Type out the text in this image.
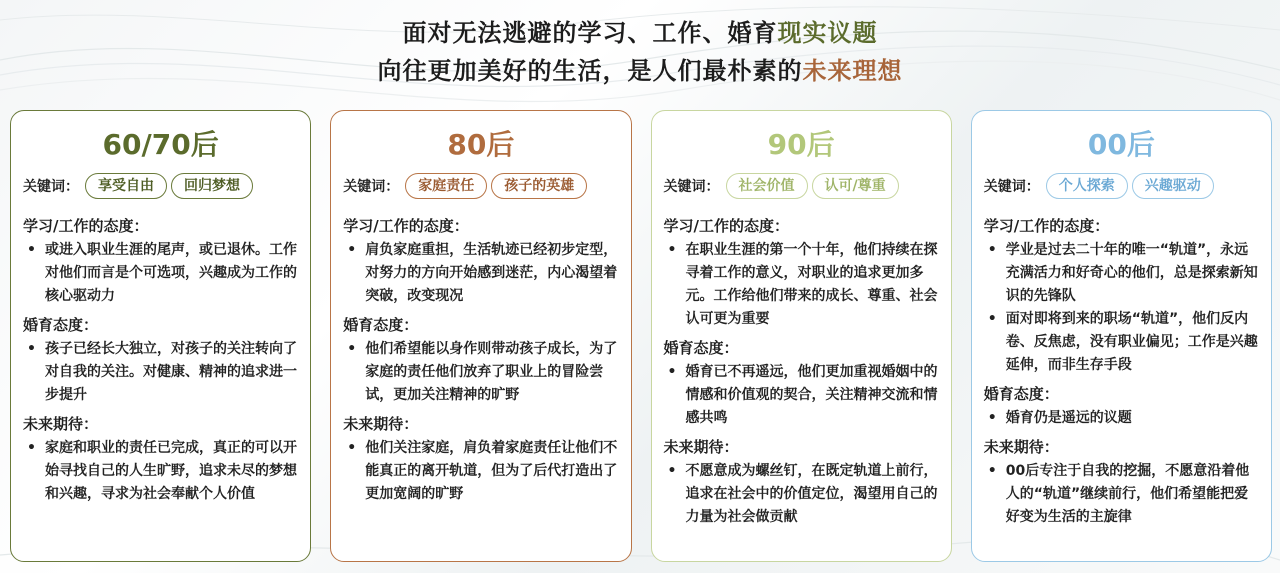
面对无法逃避的学习、工作、婚育现实议题
向往更加美好的生活，是人们最朴素的未来理想
60/70后
关键词：	享受自由	回归梦想
学习/工作的态度：
• 或进入职业生涯的尾声，或已退休。工作对他们而言是个可选项，兴趣成为工作的核心驱动力
婚育态度：
• 孩子已经长大独立，对孩子的关注转向了对自我的关注。对健康、精神的追求进一步提升
未来期待：
• 家庭和职业的责任已完成，真正的可以开始寻找自己的人生旷野，追求未尽的梦想和兴趣，寻求为社会奉献个人价值
80后
关键词：	家庭责任	孩子的英雄
学习/工作的态度：
• 肩负家庭重担，生活轨迹已经初步定型，对努力的方向开始感到迷茫，内心渴望着突破，改变现况
婚育态度：
• 他们希望能以身作则带动孩子成长，为了家庭的责任他们放弃了职业上的冒险尝试，更加关注精神的旷野
未来期待：
• 他们关注家庭，肩负着家庭责任让他们不能真正的离开轨道，但为了后代打造出了更加宽阔的旷野
90后
关键词：	社会价值	认可/尊重
学习/工作的态度：
• 在职业生涯的第一个十年，他们持续在探寻着工作的意义，对职业的追求更加多元。工作给他们带来的成长、尊重、社会认可更为重要
婚育态度：
• 婚育已不再遥远，他们更加重视婚姻中的情感和价值观的契合，关注精神交流和情感共鸣
未来期待：
• 不愿意成为螺丝钉，在既定轨道上前行，追求在社会中的价值定位，渴望用自己的力量为社会做贡献
00后
关键词：	个人探索	兴趣驱动
学习/工作的态度：
• 学业是过去二十年的唯一“轨道”，永远充满活力和好奇心的他们，总是探索新知识的先锋队
• 面对即将到来的职场“轨道”，他们反内卷、反焦虑，没有职业偏见；工作是兴趣延伸，而非生存手段
婚育态度：
• 婚育仍是遥远的议题
未来期待：
• 00后专注于自我的挖掘，不愿意沿着他人的“轨道”继续前行，他们希望能把爱好变为生活的主旋律
